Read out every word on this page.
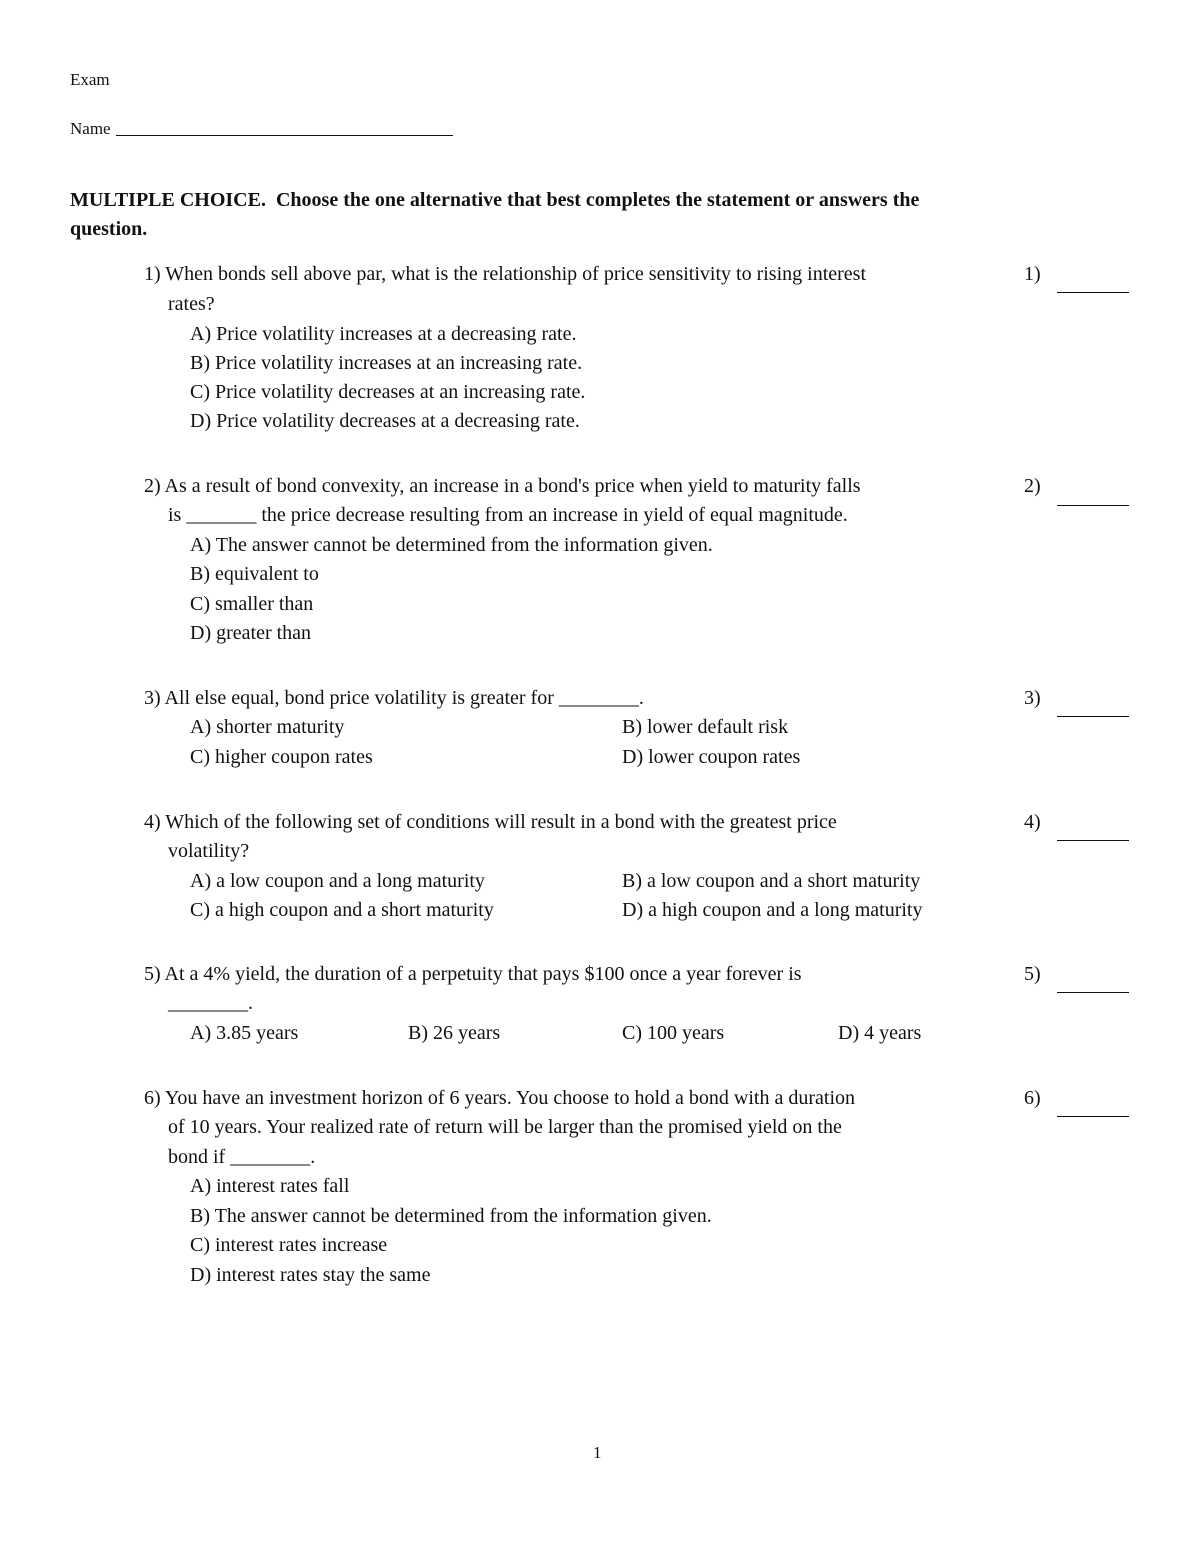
Exam
Name
MULTIPLE CHOICE. Choose the one alternative that best completes the statement or answers the
question.
1) When bonds sell above par, what is the relationship of price sensitivity to rising interest
rates?
A) Price volatility increases at a decreasing rate.
B) Price volatility increases at an increasing rate.
C) Price volatility decreases at an increasing rate.
D) Price volatility decreases at a decreasing rate.
1)
2) As a result of bond convexity, an increase in a bond's price when yield to maturity falls
is _______ the price decrease resulting from an increase in yield of equal magnitude.
A) The answer cannot be determined from the information given.
B) equivalent to
C) smaller than
D) greater than
2)
3) All else equal, bond price volatility is greater for ________.
A) shorter maturity	B) lower default risk
C) higher coupon rates	D) lower coupon rates
3)
4) Which of the following set of conditions will result in a bond with the greatest price
volatility?
A) a low coupon and a long maturity	B) a low coupon and a short maturity
C) a high coupon and a short maturity	D) a high coupon and a long maturity
4)
5) At a 4% yield, the duration of a perpetuity that pays $100 once a year forever is
________.
A) 3.85 years	B) 26 years	C) 100 years	D) 4 years
5)
6) You have an investment horizon of 6 years. You choose to hold a bond with a duration
of 10 years. Your realized rate of return will be larger than the promised yield on the
bond if ________.
A) interest rates fall
B) The answer cannot be determined from the information given.
C) interest rates increase
D) interest rates stay the same
6)
1
